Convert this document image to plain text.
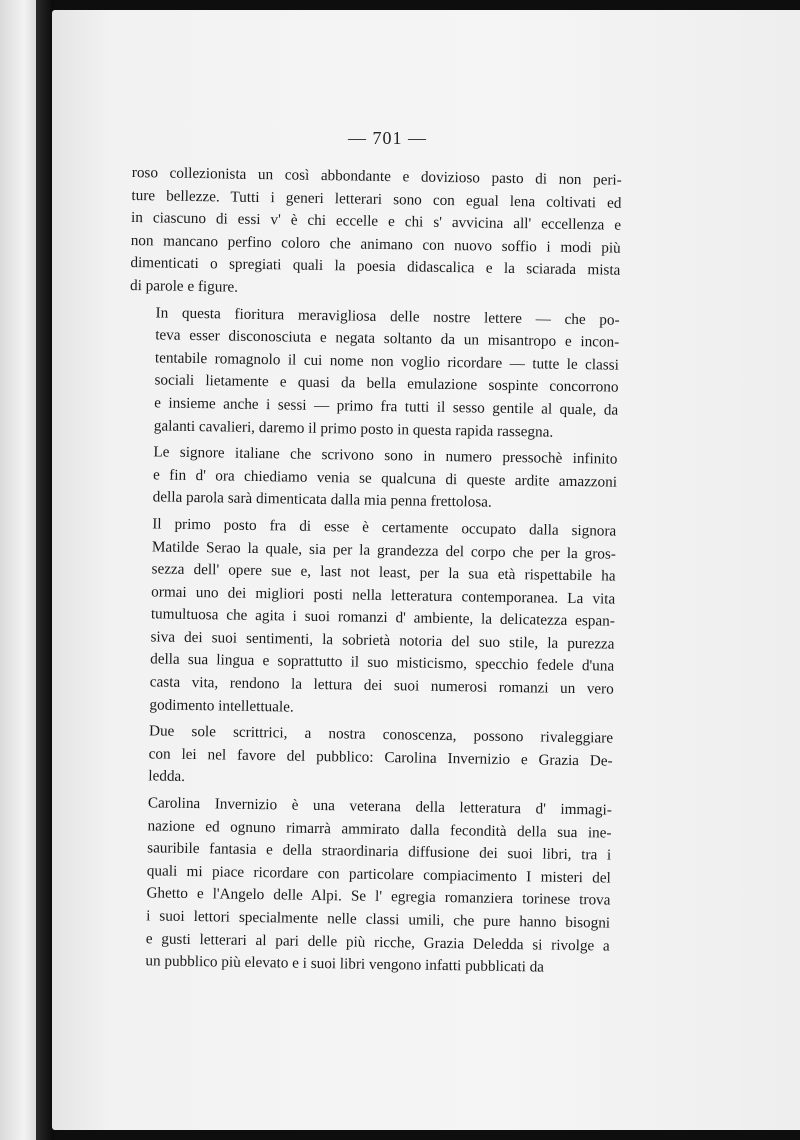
— 701 —

roso collezionista un così abbondante e dovizioso pasto di non peri-
ture bellezze. Tutti i generi letterari sono con egual lena coltivati ed
in ciascuno di essi v' è chi eccelle e chi s' avvicina all' eccellenza e
non mancano perfino coloro che animano con nuovo soffio i modi più
dimenticati o spregiati quali la poesia didascalica e la sciarada mista
di parole e figure.

In questa fioritura meravigliosa delle nostre lettere — che po-
teva esser disconosciuta e negata soltanto da un misantropo e incon-
tentabile romagnolo il cui nome non voglio ricordare — tutte le classi
sociali lietamente e quasi da bella emulazione sospinte concorrono
e insieme anche i sessi — primo fra tutti il sesso gentile al quale, da
galanti cavalieri, daremo il primo posto in questa rapida rassegna.

Le signore italiane che scrivono sono in numero pressochè infinito
e fin d' ora chiediamo venia se qualcuna di queste ardite amazzoni
della parola sarà dimenticata dalla mia penna frettolosa.

Il primo posto fra di esse è certamente occupato dalla signora
Matilde Serao la quale, sia per la grandezza del corpo che per la gros-
sezza dell' opere sue e, last not least, per la sua età rispettabile ha
ormai uno dei migliori posti nella letteratura contemporanea. La vita
tumultuosa che agita i suoi romanzi d' ambiente, la delicatezza espan-
siva dei suoi sentimenti, la sobrietà notoria del suo stile, la purezza
della sua lingua e soprattutto il suo misticismo, specchio fedele d'una
casta vita, rendono la lettura dei suoi numerosi romanzi un vero
godimento intellettuale.

Due sole scrittrici, a nostra conoscenza, possono rivaleggiare
con lei nel favore del pubblico: Carolina Invernizio e Grazia De-
ledda.

Carolina Invernizio è una veterana della letteratura d' immagi-
nazione ed ognuno rimarrà ammirato dalla fecondità della sua ine-
sauribile fantasia e della straordinaria diffusione dei suoi libri, tra i
quali mi piace ricordare con particolare compiacimento I misteri del
Ghetto e l'Angelo delle Alpi. Se l' egregia romanziera torinese trova
i suoi lettori specialmente nelle classi umili, che pure hanno bisogni
e gusti letterari al pari delle più ricche, Grazia Deledda si rivolge a
un pubblico più elevato e i suoi libri vengono infatti pubblicati da
